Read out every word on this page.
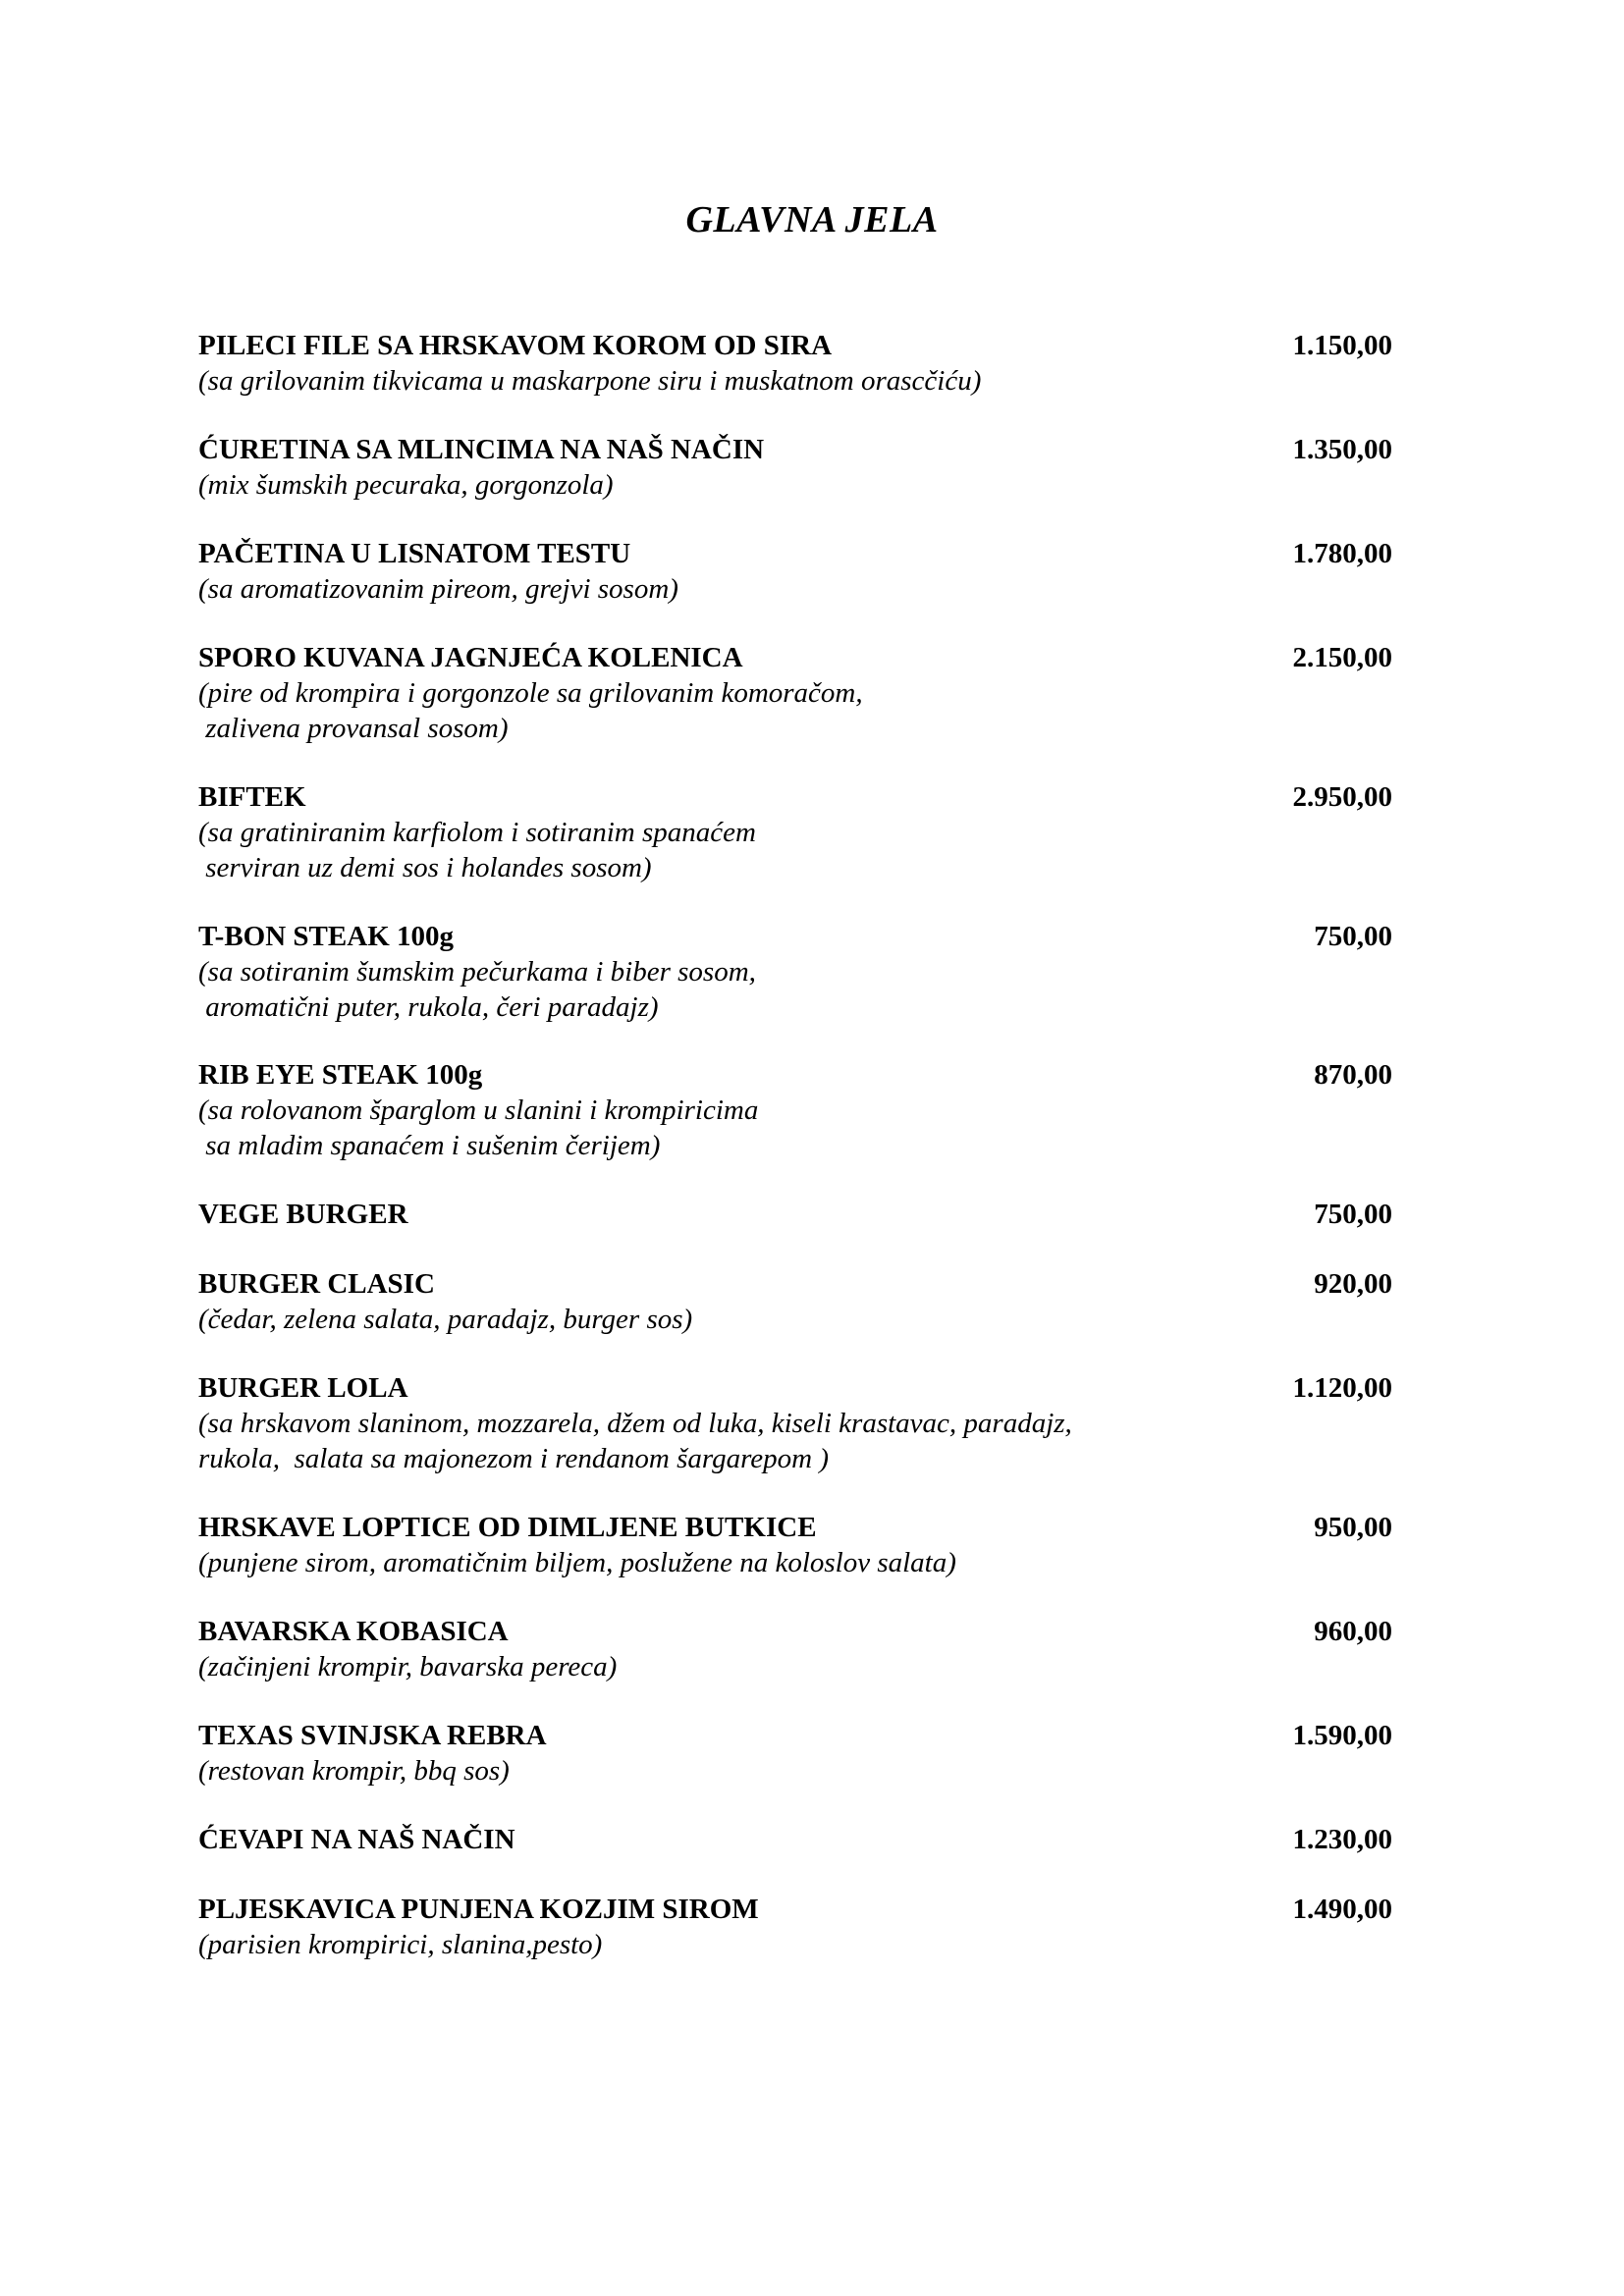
GLAVNA JELA
PILECI FILE SA HRSKAVOM KOROM OD SIRA	1.150,00
(sa grilovanim tikvicama u maskarpone siru i muskatnom orascčiću)
ĆURETINA SA MLINCIMA NA NAŠ NAČIN	1.350,00
(mix šumskih pecuraka, gorgonzola)
PAČETINA U LISNATOM TESTU	1.780,00
(sa aromatizovanim pireom, grejvi sosom)
SPORO KUVANA JAGNJEĆA KOLENICA	2.150,00
(pire od krompira i gorgonzole sa grilovanim komoračom,
zalivena provansal sosom)
BIFTEK	2.950,00
(sa gratiniranim karfiolom i sotiranim spanaćem
serviran uz demi sos i holandes sosom)
T-BON STEAK 100g	750,00
(sa sotiranim šumskim pečurkama i biber sosom,
aromatični puter, rukola, čeri paradajz)
RIB EYE STEAK 100g	870,00
(sa rolovanom šparglom u slanini i krompiricima
sa mladim spanaćem i sušenim čerijem)
VEGE BURGER	750,00
BURGER CLASIC	920,00
(čedar, zelena salata, paradajz, burger sos)
BURGER LOLA	1.120,00
(sa hrskavom slaninom, mozzarela, džem od luka, kiseli krastavac, paradajz,
rukola,  salata sa majonezom i rendanom šargarepom )
HRSKAVE LOPTICE OD DIMLJENE BUTKICE	950,00
(punjene sirom, aromatičnim biljem, poslužene na koloslov salata)
BAVARSKA KOBASICA	960,00
(začinjeni krompir, bavarska pereca)
TEXAS SVINJSKA REBRA	1.590,00
(restovan krompir, bbq sos)
ĆEVAPI NA NAŠ NAČIN	1.230,00
PLJESKAVICA PUNJENA KOZJIM SIROM	1.490,00
(parisien krompirici, slanina,pesto)
